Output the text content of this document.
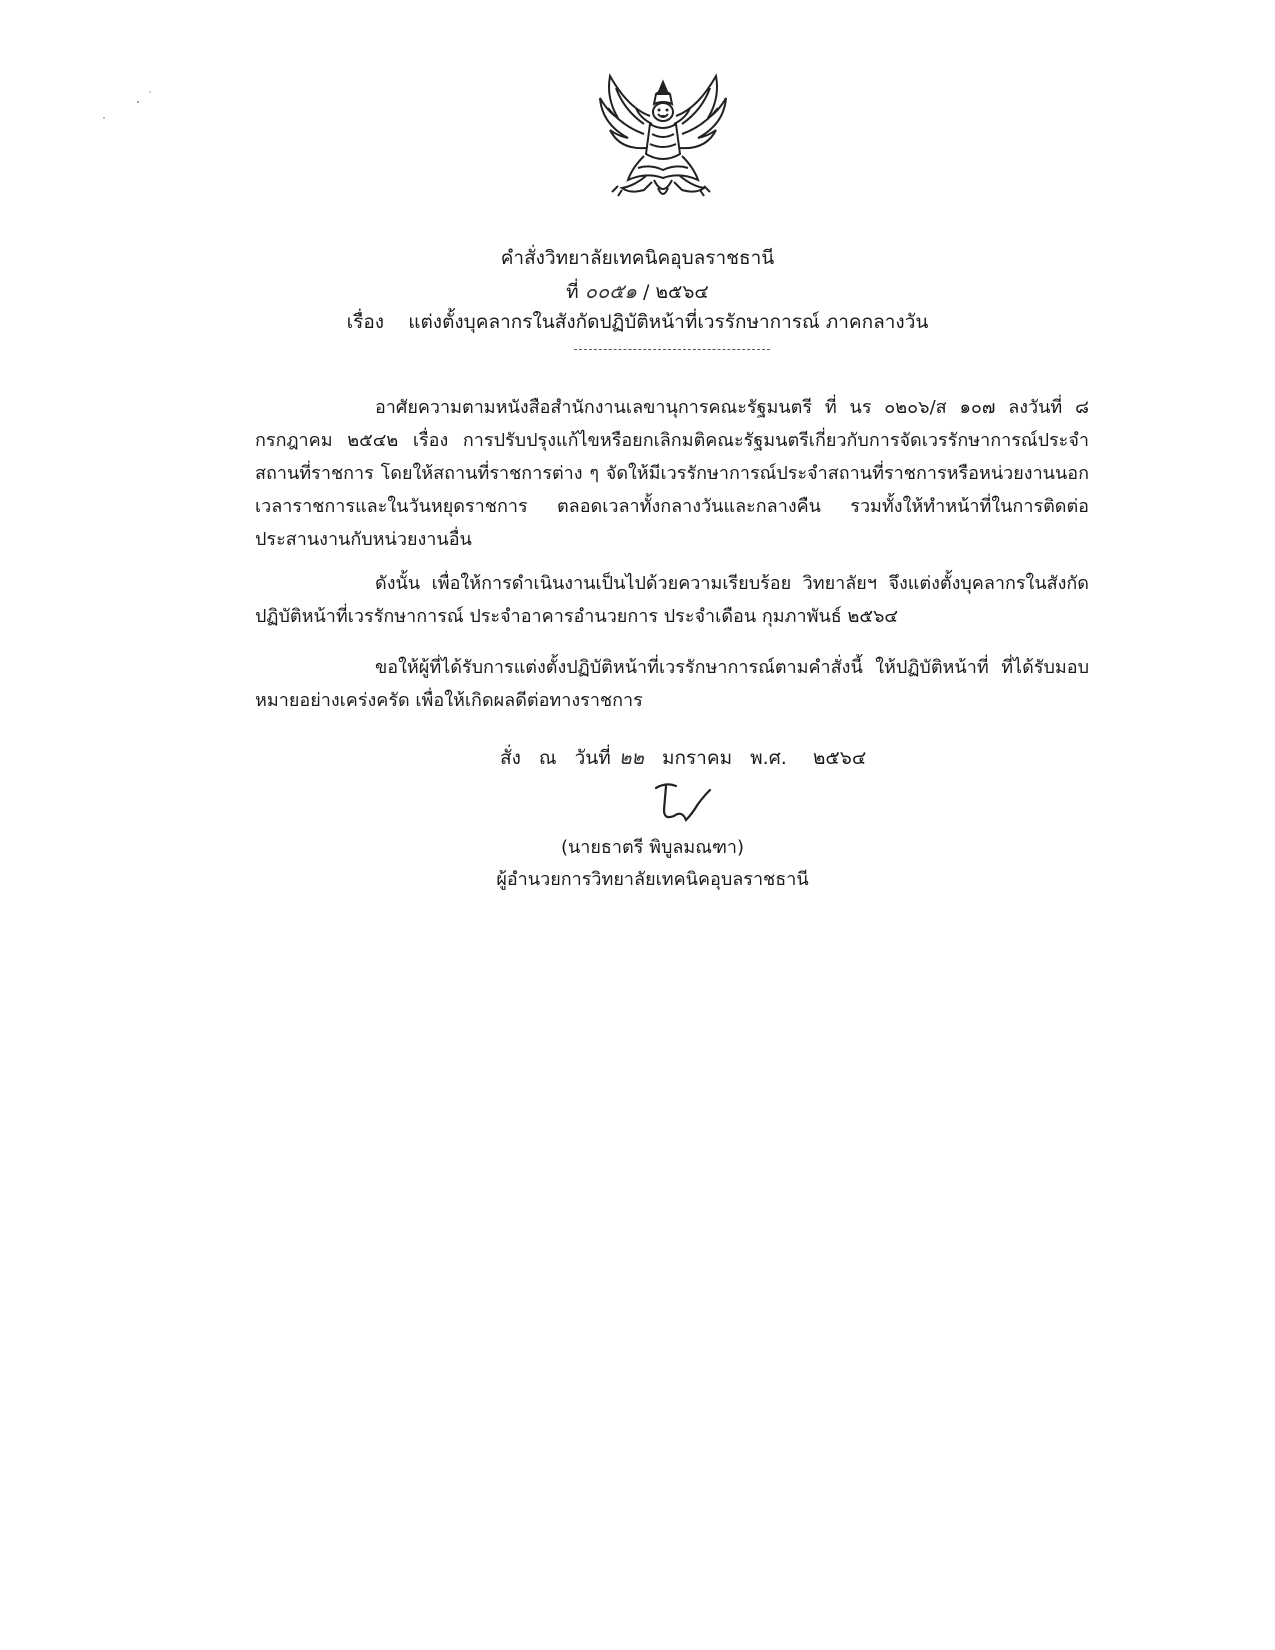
คำสั่งวิทยาลัยเทคนิคอุบลราชธานี
ที่ ๐๐๕๑ / ๒๕๖๔
เรื่อง แต่งตั้งบุคลากรในสังกัดปฏิบัติหน้าที่เวรรักษาการณ์ ภาคกลางวัน
อาศัยความตามหนังสือสำนักงานเลขานุการคณะรัฐมนตรี ที่ นร ๐๒๐๖/ส ๑๐๗ ลงวันที่ ๘ กรกฎาคม ๒๕๔๒ เรื่อง การปรับปรุงแก้ไขหรือยกเลิกมติคณะรัฐมนตรีเกี่ยวกับการจัดเวรรักษาการณ์ประจำสถานที่ราชการ โดยให้สถานที่ราชการต่าง ๆ จัดให้มีเวรรักษาการณ์ประจำสถานที่ราชการหรือหน่วยงานนอกเวลาราชการและในวันหยุดราชการ ตลอดเวลาทั้งกลางวันและกลางคืน รวมทั้งให้ทำหน้าที่ในการติดต่อประสานงานกับหน่วยงานอื่น
ดังนั้น เพื่อให้การดำเนินงานเป็นไปด้วยความเรียบร้อย วิทยาลัยฯ จึงแต่งตั้งบุคลากรในสังกัดปฏิบัติหน้าที่เวรรักษาการณ์ ประจำอาคารอำนวยการ ประจำเดือน กุมภาพันธ์ ๒๕๖๔
ขอให้ผู้ที่ได้รับการแต่งตั้งปฏิบัติหน้าที่เวรรักษาการณ์ตามคำสั่งนี้ ให้ปฏิบัติหน้าที่ ที่ได้รับมอบหมายอย่างเคร่งครัด เพื่อให้เกิดผลดีต่อทางราชการ
สั่ง ณ วันที่ ๒๒ มกราคม พ.ศ. ๒๕๖๔
(นายธาตรี พิบูลมณฑา)
ผู้อำนวยการวิทยาลัยเทคนิคอุบลราชธานี
